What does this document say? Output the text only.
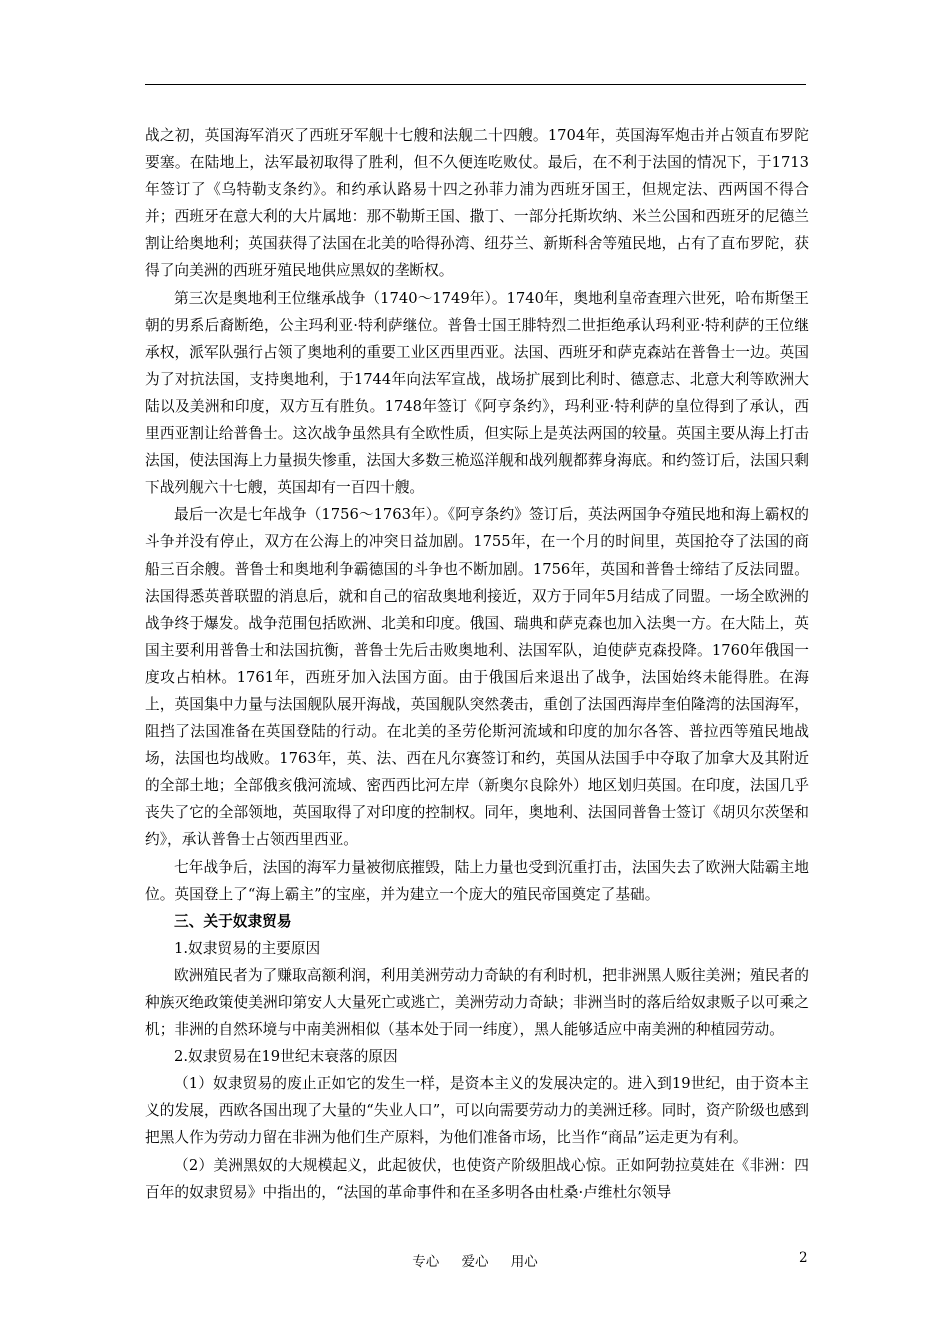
战之初，英国海军消灭了西班牙军舰十七艘和法舰二十四艘。1704年，英国海军炮击并占领直布罗陀要塞。在陆地上，法军最初取得了胜利，但不久便连吃败仗。最后，在不利于法国的情况下，于1713年签订了《乌特勒支条约》。和约承认路易十四之孙菲力浦为西班牙国王，但规定法、西两国不得合并；西班牙在意大利的大片属地：那不勒斯王国、撒丁、一部分托斯坎纳、米兰公国和西班牙的尼德兰割让给奥地利；英国获得了法国在北美的哈得孙湾、纽芬兰、新斯科舍等殖民地，占有了直布罗陀，获得了向美洲的西班牙殖民地供应黑奴的垄断权。

第三次是奥地利王位继承战争（1740～1749年）。1740年，奥地利皇帝查理六世死，哈布斯堡王朝的男系后裔断绝，公主玛利亚·特利萨继位。普鲁士国王腓特烈二世拒绝承认玛利亚·特利萨的王位继承权，派军队强行占领了奥地利的重要工业区西里西亚。法国、西班牙和萨克森站在普鲁士一边。英国为了对抗法国，支持奥地利，于1744年向法军宣战，战场扩展到比利时、德意志、北意大利等欧洲大陆以及美洲和印度，双方互有胜负。1748年签订《阿亨条约》，玛利亚·特利萨的皇位得到了承认，西里西亚割让给普鲁士。这次战争虽然具有全欧性质，但实际上是英法两国的较量。英国主要从海上打击法国，使法国海上力量损失惨重，法国大多数三桅巡洋舰和战列舰都葬身海底。和约签订后，法国只剩下战列舰六十七艘，英国却有一百四十艘。

最后一次是七年战争（1756～1763年）。《阿亨条约》签订后，英法两国争夺殖民地和海上霸权的斗争并没有停止，双方在公海上的冲突日益加剧。1755年，在一个月的时间里，英国抢夺了法国的商船三百余艘。普鲁士和奥地利争霸德国的斗争也不断加剧。1756年，英国和普鲁士缔结了反法同盟。法国得悉英普联盟的消息后，就和自己的宿敌奥地利接近，双方于同年5月结成了同盟。一场全欧洲的战争终于爆发。战争范围包括欧洲、北美和印度。俄国、瑞典和萨克森也加入法奥一方。在大陆上，英国主要利用普鲁士和法国抗衡，普鲁士先后击败奥地利、法国军队，迫使萨克森投降。1760年俄国一度攻占柏林。1761年，西班牙加入法国方面。由于俄国后来退出了战争，法国始终未能得胜。在海上，英国集中力量与法国舰队展开海战，英国舰队突然袭击，重创了法国西海岸奎伯隆湾的法国海军，阻挡了法国准备在英国登陆的行动。在北美的圣劳伦斯河流域和印度的加尔各答、普拉西等殖民地战场，法国也均战败。1763年，英、法、西在凡尔赛签订和约，英国从法国手中夺取了加拿大及其附近的全部土地；全部俄亥俄河流域、密西西比河左岸（新奥尔良除外）地区划归英国。在印度，法国几乎丧失了它的全部领地，英国取得了对印度的控制权。同年，奥地利、法国同普鲁士签订《胡贝尔茨堡和约》，承认普鲁士占领西里西亚。

七年战争后，法国的海军力量被彻底摧毁，陆上力量也受到沉重打击，法国失去了欧洲大陆霸主地位。英国登上了“海上霸主”的宝座，并为建立一个庞大的殖民帝国奠定了基础。

三、关于奴隶贸易

1.奴隶贸易的主要原因

欧洲殖民者为了赚取高额利润，利用美洲劳动力奇缺的有利时机，把非洲黑人贩往美洲；殖民者的种族灭绝政策使美洲印第安人大量死亡或逃亡，美洲劳动力奇缺；非洲当时的落后给奴隶贩子以可乘之机；非洲的自然环境与中南美洲相似（基本处于同一纬度），黑人能够适应中南美洲的种植园劳动。

2.奴隶贸易在19世纪末衰落的原因

（1）奴隶贸易的废止正如它的发生一样，是资本主义的发展决定的。进入到19世纪，由于资本主义的发展，西欧各国出现了大量的“失业人口”，可以向需要劳动力的美洲迁移。同时，资产阶级也感到把黑人作为劳动力留在非洲为他们生产原料，为他们准备市场，比当作“商品”运走更为有利。

（2）美洲黑奴的大规模起义，此起彼伏，也使资产阶级胆战心惊。正如阿勃拉莫娃在《非洲：四百年的奴隶贸易》中指出的，“法国的革命事件和在圣多明各由杜桑·卢维杜尔领导

专心 爱心 用心	2
